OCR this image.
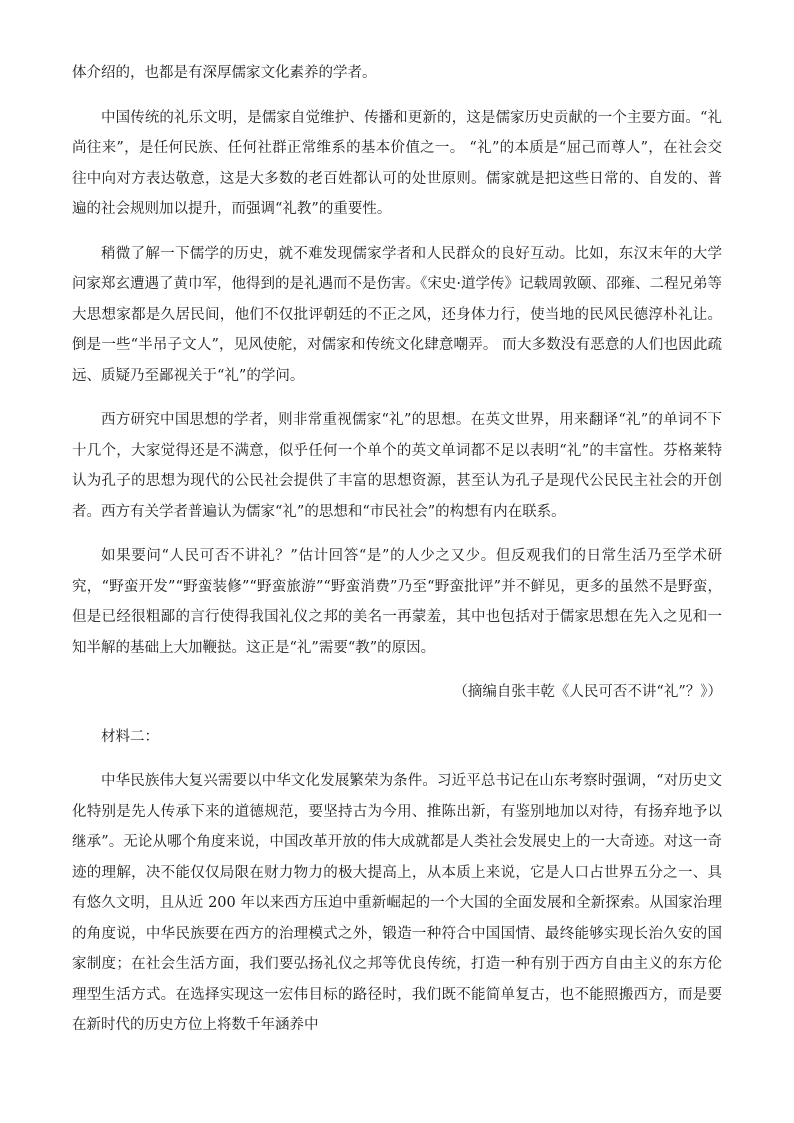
体介绍的，也都是有深厚儒家文化素养的学者。

中国传统的礼乐文明，是儒家自觉维护、传播和更新的，这是儒家历史贡献的一个主要方面。“礼尚往来”，是任何民族、任何社群正常维系的基本价值之一。 “礼”的本质是“屈己而尊人”，在社会交往中向对方表达敬意，这是大多数的老百姓都认可的处世原则。儒家就是把这些日常的、自发的、普遍的社会规则加以提升，而强调“礼教”的重要性。

稍微了解一下儒学的历史，就不难发现儒家学者和人民群众的良好互动。比如，东汉末年的大学问家郑玄遭遇了黄巾军，他得到的是礼遇而不是伤害。《宋史·道学传》记载周敦颐、邵雍、二程兄弟等大思想家都是久居民间，他们不仅批评朝廷的不正之风，还身体力行，使当地的民风民德淳朴礼让。倒是一些“半吊子文人”，见风使舵，对儒家和传统文化肆意嘲弄。 而大多数没有恶意的人们也因此疏远、质疑乃至鄙视关于“礼”的学问。

西方研究中国思想的学者，则非常重视儒家“礼”的思想。在英文世界，用来翻译“礼”的单词不下十几个，大家觉得还是不满意，似乎任何一个单个的英文单词都不足以表明“礼”的丰富性。芬格莱特认为孔子的思想为现代的公民社会提供了丰富的思想资源，甚至认为孔子是现代公民民主社会的开创者。西方有关学者普遍认为儒家“礼”的思想和“市民社会”的构想有内在联系。

如果要问“人民可否不讲礼？”估计回答“是”的人少之又少。但反观我们的日常生活乃至学术研究，“野蛮开发”“野蛮装修”“野蛮旅游”“野蛮消费”乃至“野蛮批评”并不鲜见，更多的虽然不是野蛮，但是已经很粗鄙的言行使得我国礼仪之邦的美名一再蒙羞，其中也包括对于儒家思想在先入之见和一知半解的基础上大加鞭挞。这正是“礼”需要“教”的原因。

（摘编自张丰乾《人民可否不讲“礼”？》）

材料二：

中华民族伟大复兴需要以中华文化发展繁荣为条件。习近平总书记在山东考察时强调，“对历史文化特别是先人传承下来的道德规范，要坚持古为今用、推陈出新，有鉴别地加以对待，有扬弃地予以继承”。无论从哪个角度来说，中国改革开放的伟大成就都是人类社会发展史上的一大奇迹。对这一奇迹的理解，决不能仅仅局限在财力物力的极大提高上，从本质上来说，它是人口占世界五分之一、具有悠久文明，且从近 200 年以来西方压迫中重新崛起的一个大国的全面发展和全新探索。从国家治理的角度说，中华民族要在西方的治理模式之外，锻造一种符合中国国情、最终能够实现长治久安的国家制度；在社会生活方面，我们要弘扬礼仪之邦等优良传统，打造一种有别于西方自由主义的东方伦理型生活方式。在选择实现这一宏伟目标的路径时，我们既不能简单复古，也不能照搬西方，而是要在新时代的历史方位上将数千年涵养中
